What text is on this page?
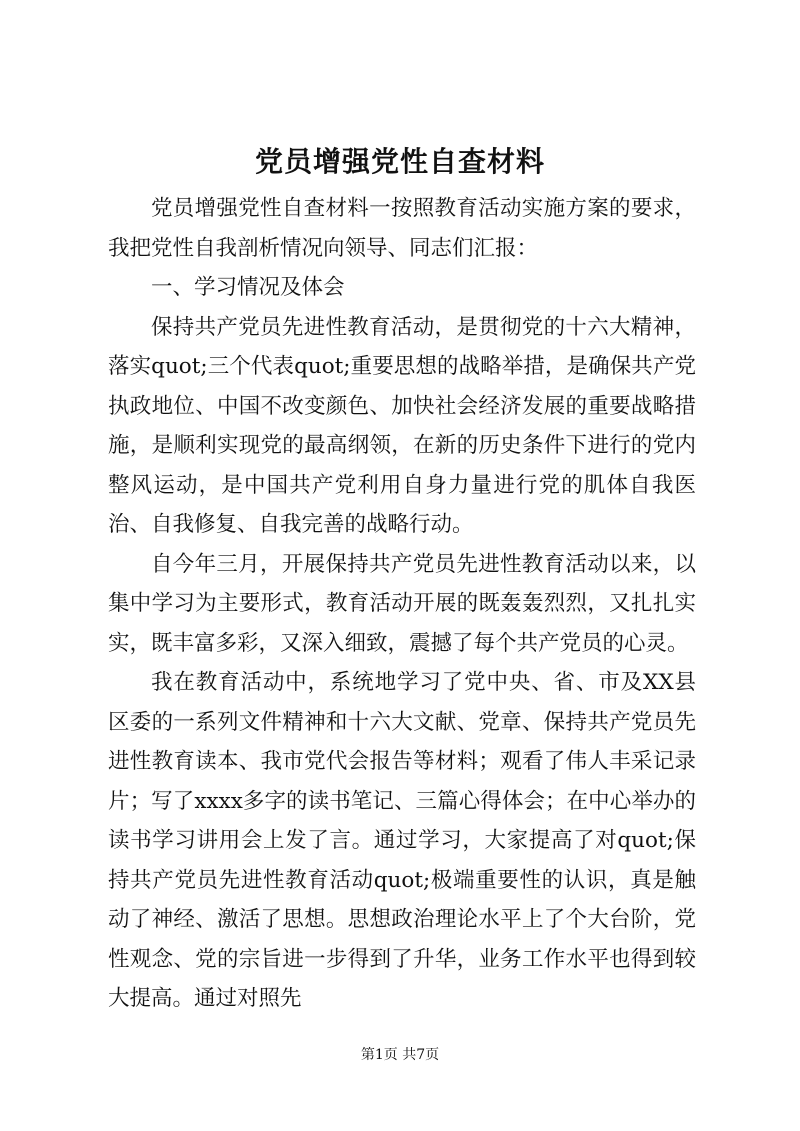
党员增强党性自查材料

党员增强党性自查材料一按照教育活动实施方案的要求，我把党性自我剖析情况向领导、同志们汇报：

一、学习情况及体会

保持共产党员先进性教育活动，是贯彻党的十六大精神，落实quot;三个代表quot;重要思想的战略举措，是确保共产党执政地位、中国不改变颜色、加快社会经济发展的重要战略措施，是顺利实现党的最高纲领，在新的历史条件下进行的党内整风运动，是中国共产党利用自身力量进行党的肌体自我医治、自我修复、自我完善的战略行动。

自今年三月，开展保持共产党员先进性教育活动以来，以集中学习为主要形式，教育活动开展的既轰轰烈烈，又扎扎实实，既丰富多彩，又深入细致，震撼了每个共产党员的心灵。

我在教育活动中，系统地学习了党中央、省、市及XX县区委的一系列文件精神和十六大文献、党章、保持共产党员先进性教育读本、我市党代会报告等材料；观看了伟人丰采记录片；写了xxxx多字的读书笔记、三篇心得体会；在中心举办的读书学习讲用会上发了言。通过学习，大家提高了对quot;保持共产党员先进性教育活动quot;极端重要性的认识，真是触动了神经、激活了思想。思想政治理论水平上了个大台阶，党性观念、党的宗旨进一步得到了升华，业务工作水平也得到较大提高。通过对照先

第1页 共7页
